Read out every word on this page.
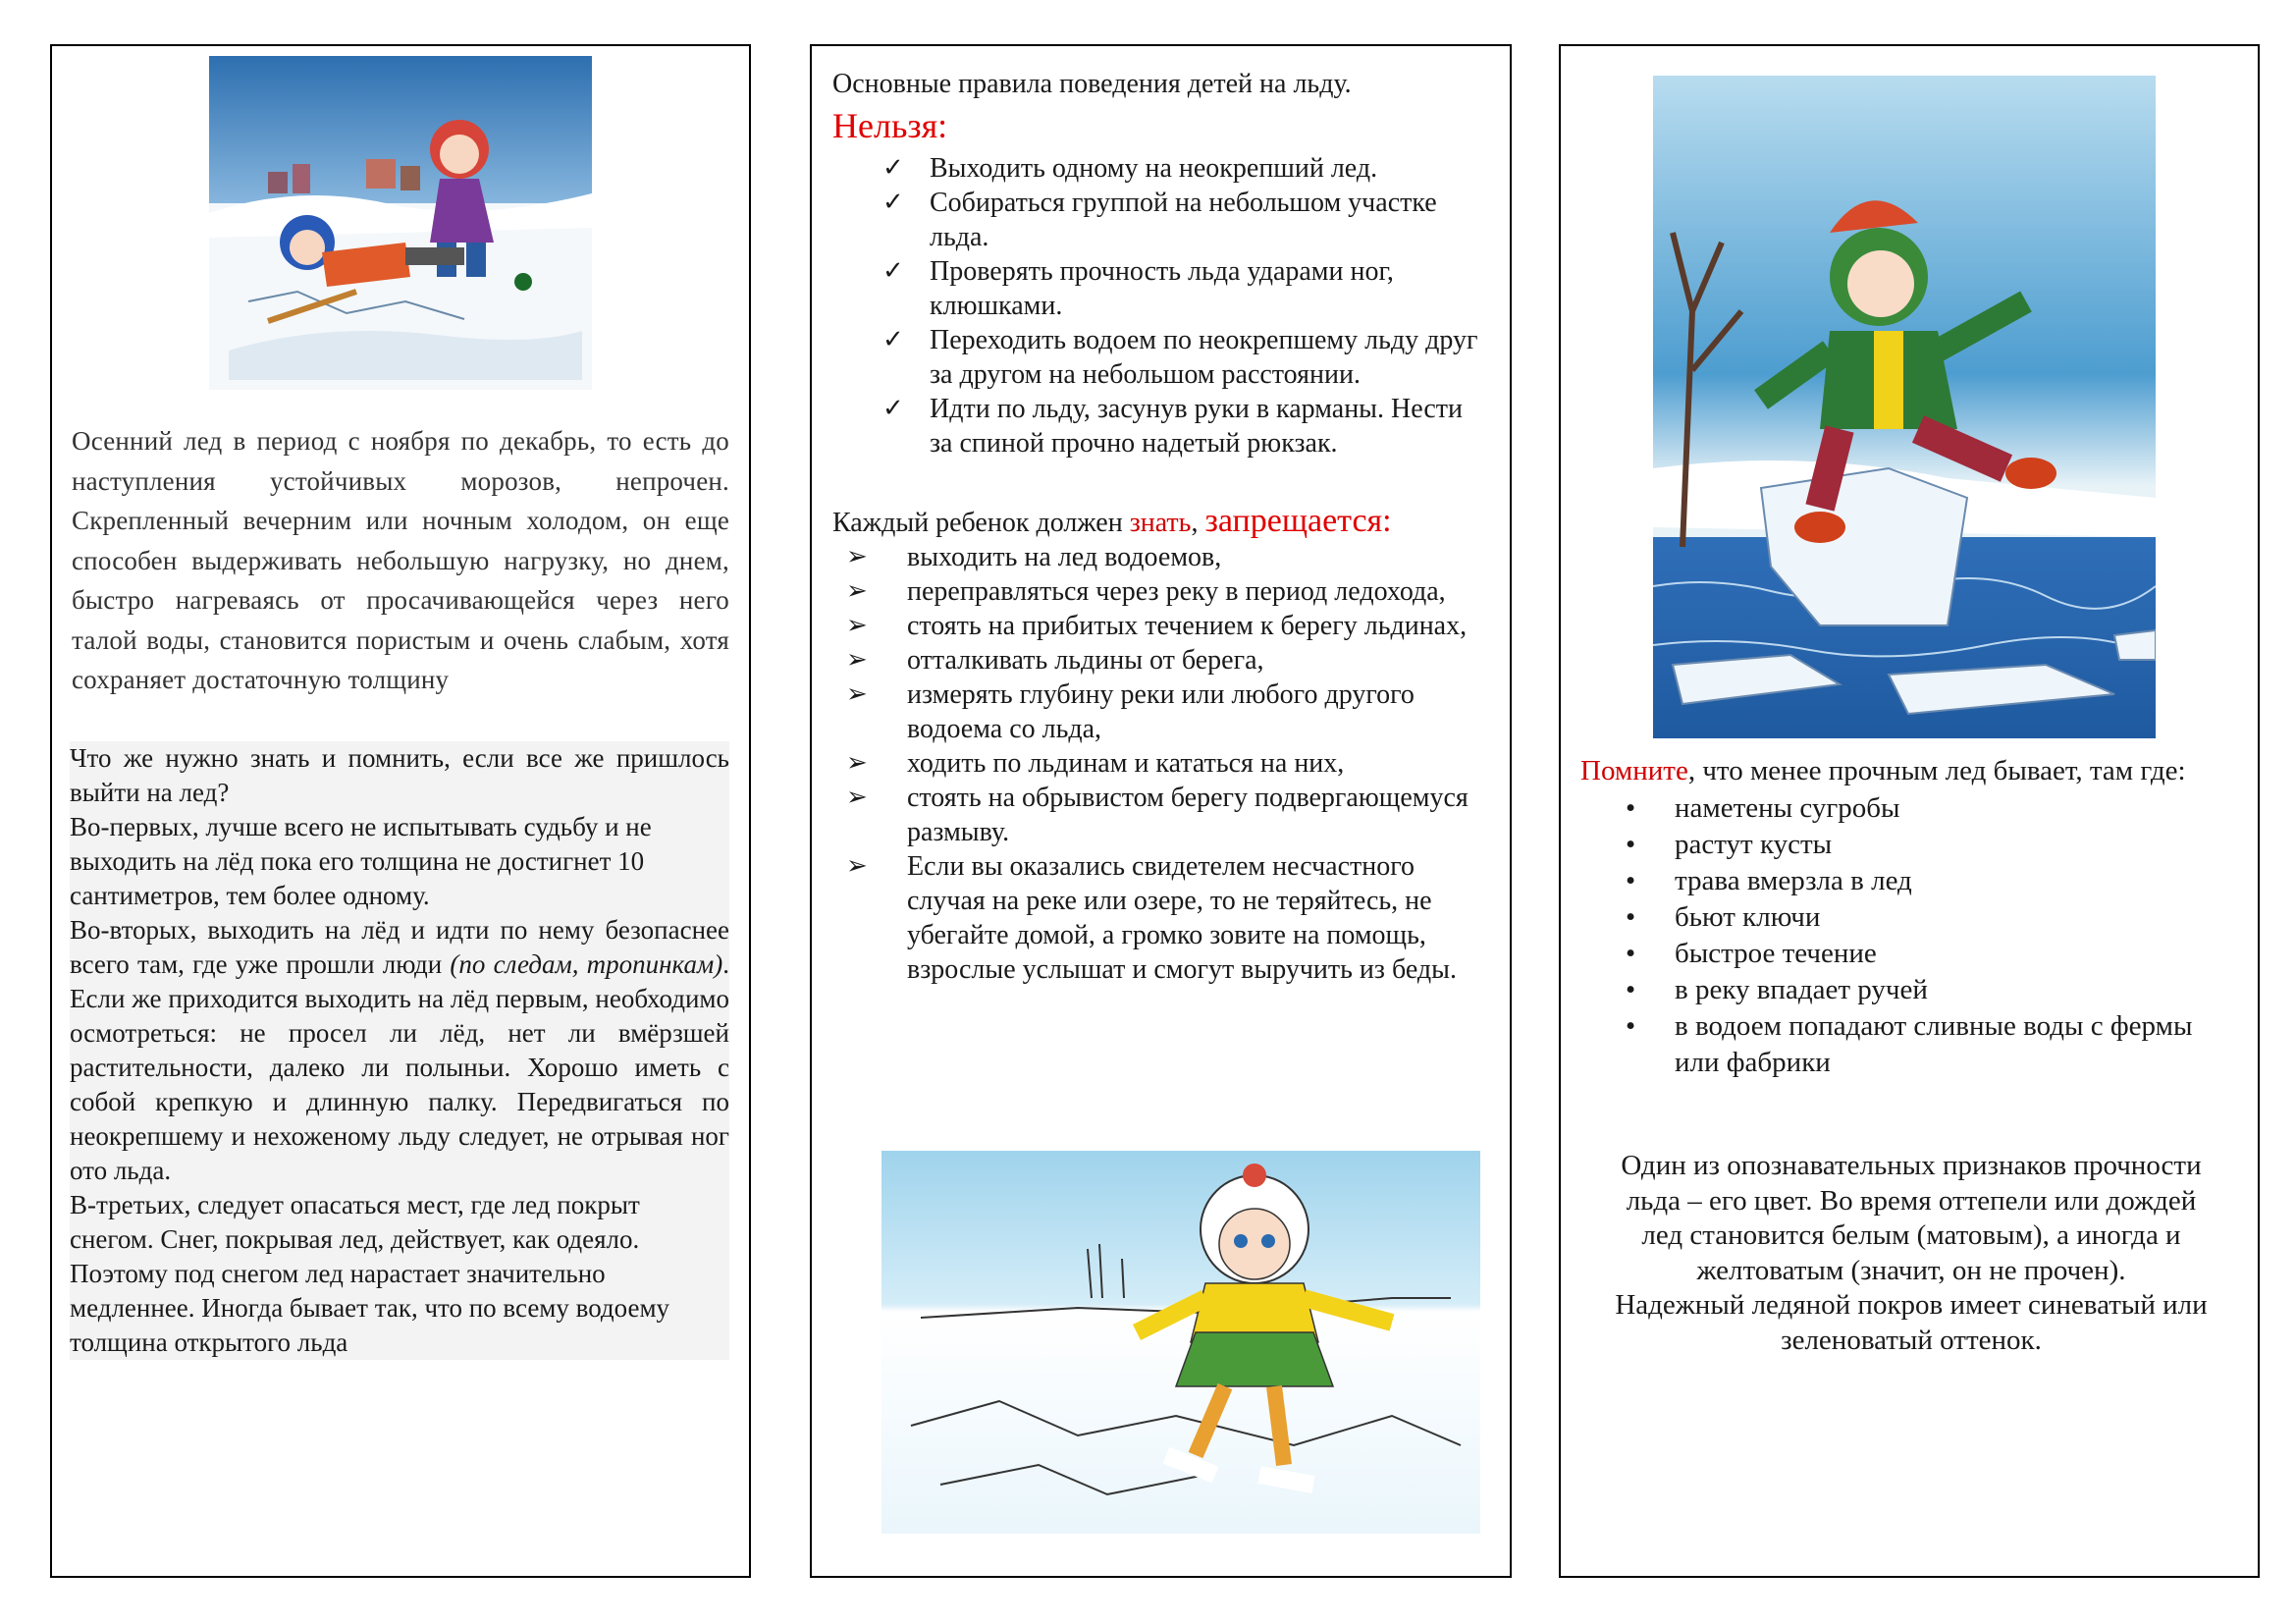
Осенний лед в период с ноября по декабрь, то есть до наступления устойчивых морозов, непрочен. Скрепленный вечерним или ночным холодом, он еще способен выдерживать небольшую нагрузку, но днем, быстро нагреваясь от просачивающейся через него талой воды, становится пористым и очень слабым, хотя сохраняет достаточную толщину

Что же нужно знать и помнить, если все же пришлось выйти на лед?

Во-первых, лучше всего не испытывать судьбу и не выходить на лёд пока его толщина не достигнет 10 сантиметров, тем более одному.

Во-вторых, выходить на лёд и идти по нему безопаснее всего там, где уже прошли люди (по следам, тропинкам). Если же приходится выходить на лёд первым, необходимо осмотреться: не просел ли лёд, нет ли вмёрзшей растительности, далеко ли полыньи. Хорошо иметь с собой крепкую и длинную палку. Передвигаться по неокрепшему и нехоженому льду следует, не отрывая ног ото льда.

В-третьих, следует опасаться мест, где лед покрыт снегом. Снег, покрывая лед, действует, как одеяло. Поэтому под снегом лед нарастает значительно медленнее. Иногда бывает так, что по всему водоему толщина открытого льда

Основные правила поведения детей на льду.
Нельзя:
✓ Выходить одному на неокрепший лед.
✓ Собираться группой на небольшом участке льда.
✓ Проверять прочность льда ударами ног, клюшками.
✓ Переходить водоем по неокрепшему льду друг за другом на небольшом расстоянии.
✓ Идти по льду, засунув руки в карманы. Нести за спиной прочно надетый рюкзак.
Каждый ребенок должен знать, запрещается:
➢ выходить на лед водоемов,
➢ переправляться через реку в период ледохода,
➢ стоять на прибитых течением к берегу льдинах,
➢ отталкивать льдины от берега,
➢ измерять глубину реки или любого другого водоема со льда,
➢ ходить по льдинам и кататься на них,
➢ стоять на обрывистом берегу подвергающемуся размыву.
➢ Если вы оказались свидетелем несчастного случая на реке или озере, то не теряйтесь, не убегайте домой, а громко зовите на помощь, взрослые услышат и смогут выручить из беды.
Помните, что менее прочным лед бывает, там где:
• наметены сугробы
• растут кусты
• трава вмерзла в лед
• бьют ключи
• быстрое течение
• в реку впадает ручей
• в водоем попадают сливные воды с фермы или фабрики

Один из опознавательных признаков прочности
льда – его цвет. Во время оттепели или дождей
лед становится белым (матовым), а иногда и
желтоватым (значит, он не прочен).
Надежный ледяной покров имеет синеватый или
зеленоватый оттенок.
